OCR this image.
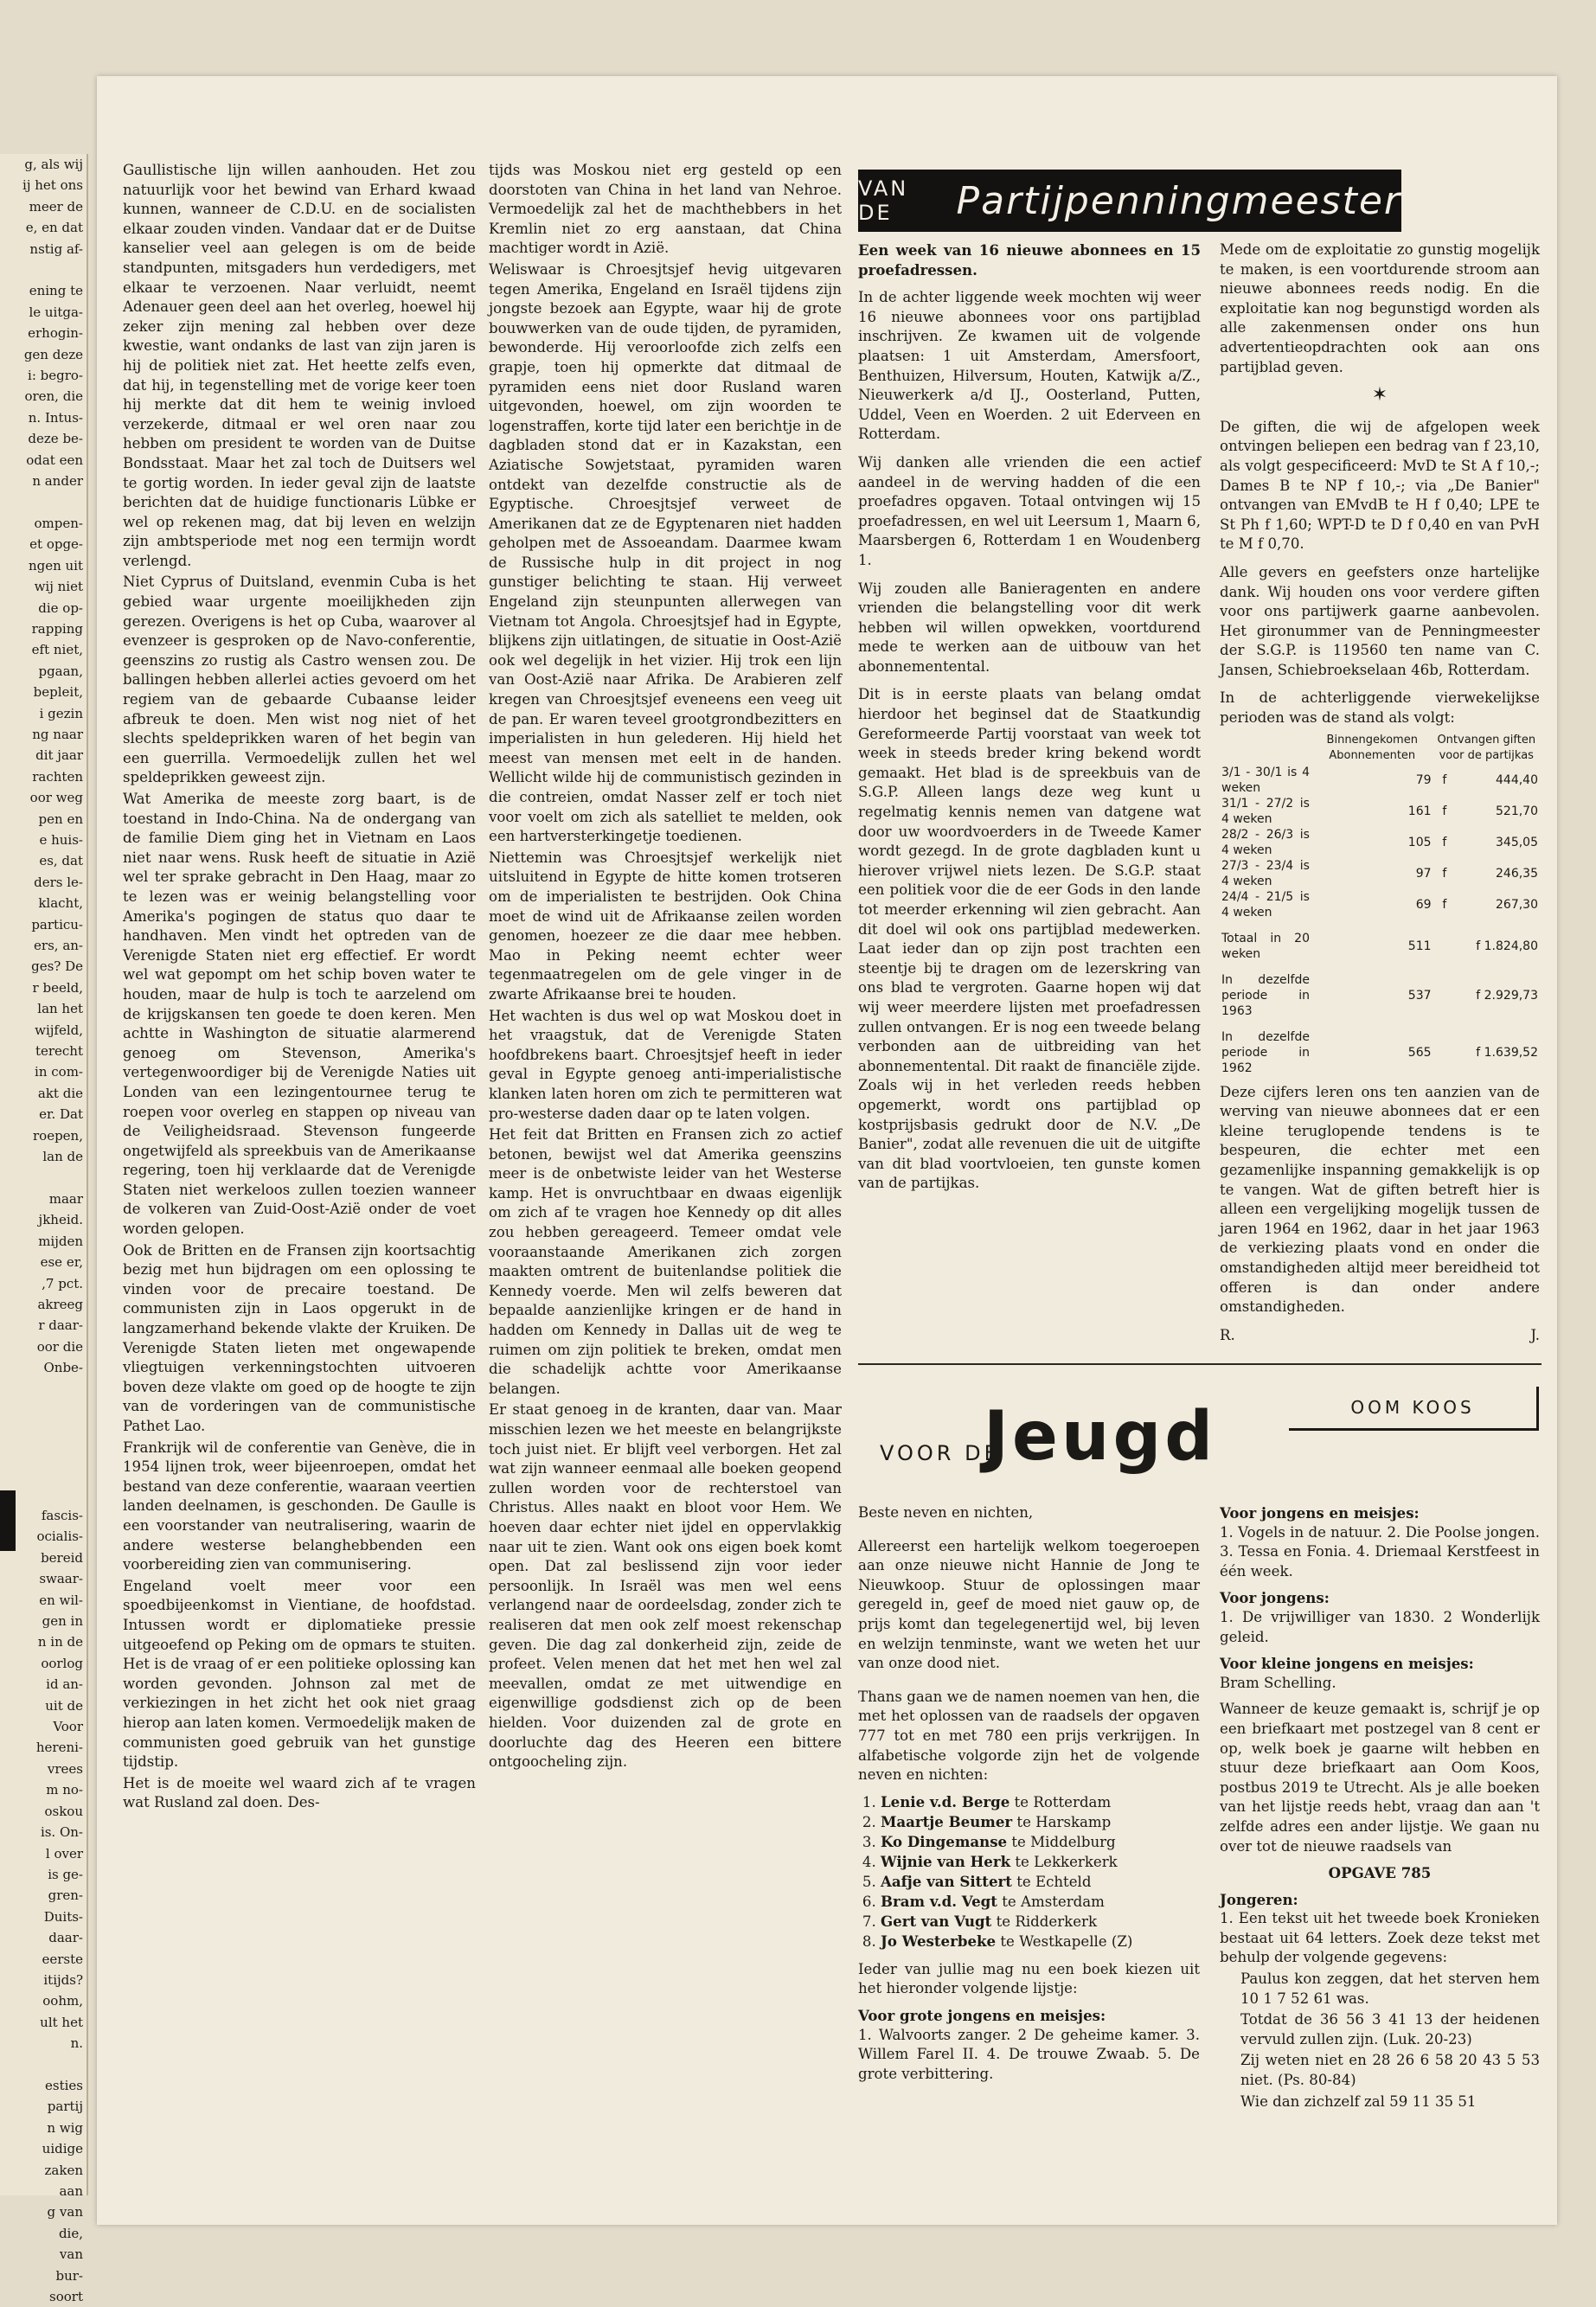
g, als wij

ij het ons

meer de

e, en dat

nstig af-

ening te

le uitga-

erhogin-

gen deze

i: begro-

oren, die

n. Intus-

deze be-

odat een

n ander

ompen-

et opge-

ngen uit

wij niet

die op-

rapping

eft niet,

pgaan,

bepleit,

i gezin

ng naar

dit jaar

rachten

oor weg

pen en

e huis-

es, dat

ders le-

klacht,

particu-

ers, an-

ges? De

r beeld,

lan het

wijfeld,

terecht

in com-

akt die

er. Dat

roepen,

lan de

maar

jkheid.

mijden

ese er,

,7 pct.

akreeg

r daar-

oor die

Onbe-

fascis-

ocialis-

bereid

swaar-

en wil-

gen in

n in de

oorlog

id an-

uit de

Voor

hereni-

vrees

m no-

oskou

is. On-

l over

is ge-

gren-

Duits-

daar-

eerste

itijds?

oohm,

ult het

n.

esties

partij

n wig

uidige

zaken

aan

g van

die,

van

bur-

soort

Gaullistische lijn willen aanhouden. Het zou natuurlijk voor het bewind van Erhard kwaad kunnen, wanneer de C.D.U. en de socialisten elkaar zouden vinden. Vandaar dat er de Duitse kanselier veel aan gelegen is om de beide standpunten, mitsgaders hun verdedigers, met elkaar te verzoenen. Naar verluidt, neemt Adenauer geen deel aan het overleg, hoewel hij zeker zijn mening zal hebben over deze kwestie, want ondanks de last van zijn jaren is hij de politiek niet zat. Het heette zelfs even, dat hij, in tegenstelling met de vorige keer toen hij merkte dat dit hem te weinig invloed verzekerde, ditmaal er wel oren naar zou hebben om president te worden van de Duitse Bondsstaat. Maar het zal toch de Duitsers wel te gortig worden. In ieder geval zijn de laatste berichten dat de huidige functionaris Lübke er wel op rekenen mag, dat bij leven en welzijn zijn ambtsperiode met nog een termijn wordt verlengd.

Niet Cyprus of Duitsland, evenmin Cuba is het gebied waar urgente moeilijkheden zijn gerezen. Overigens is het op Cuba, waarover al evenzeer is gesproken op de Navo-conferentie, geenszins zo rustig als Castro wensen zou. De ballingen hebben allerlei acties gevoerd om het regiem van de gebaarde Cubaanse leider afbreuk te doen. Men wist nog niet of het slechts speldeprikken waren of het begin van een guerrilla. Vermoedelijk zullen het wel speldeprikken geweest zijn.

Wat Amerika de meeste zorg baart, is de toestand in Indo-China. Na de ondergang van de familie Diem ging het in Vietnam en Laos niet naar wens. Rusk heeft de situatie in Azië wel ter sprake gebracht in Den Haag, maar zo te lezen was er weinig belangstelling voor Amerika's pogingen de status quo daar te handhaven. Men vindt het optreden van de Verenigde Staten niet erg effectief. Er wordt wel wat gepompt om het schip boven water te houden, maar de hulp is toch te aarzelend om de krijgskansen ten goede te doen keren. Men achtte in Washington de situatie alarmerend genoeg om Stevenson, Amerika's vertegenwoordiger bij de Verenigde Naties uit Londen van een lezingentournee terug te roepen voor overleg en stappen op niveau van de Veiligheidsraad. Stevenson fungeerde ongetwijfeld als spreekbuis van de Amerikaanse regering, toen hij verklaarde dat de Verenigde Staten niet werkeloos zullen toezien wanneer de volkeren van Zuid-Oost-Azië onder de voet worden gelopen.

Ook de Britten en de Fransen zijn koortsachtig bezig met hun bijdragen om een oplossing te vinden voor de precaire toestand. De communisten zijn in Laos opgerukt in de langzamerhand bekende vlakte der Kruiken. De Verenigde Staten lieten met ongewapende vliegtuigen verkenningstochten uitvoeren boven deze vlakte om goed op de hoogte te zijn van de vorderingen van de communistische Pathet Lao.

Frankrijk wil de conferentie van Genève, die in 1954 lijnen trok, weer bijeenroepen, omdat het bestand van deze conferentie, waaraan veertien landen deelnamen, is geschonden. De Gaulle is een voorstander van neutralisering, waarin de andere westerse belanghebbenden een voorbereiding zien van communisering.

Engeland voelt meer voor een spoedbijeenkomst in Vientiane, de hoofdstad. Intussen wordt er diplomatieke pressie uitgeoefend op Peking om de opmars te stuiten. Het is de vraag of er een politieke oplossing kan worden gevonden. Johnson zal met de verkiezingen in het zicht het ook niet graag hierop aan laten komen. Vermoedelijk maken de communisten goed gebruik van het gunstige tijdstip.

Het is de moeite wel waard zich af te vragen wat Rusland zal doen. Des-

tijds was Moskou niet erg gesteld op een doorstoten van China in het land van Nehroe. Vermoedelijk zal het de machthebbers in het Kremlin niet zo erg aanstaan, dat China machtiger wordt in Azië.

Weliswaar is Chroesjtsjef hevig uitgevaren tegen Amerika, Engeland en Israël tijdens zijn jongste bezoek aan Egypte, waar hij de grote bouwwerken van de oude tijden, de pyramiden, bewonderde. Hij veroorloofde zich zelfs een grapje, toen hij opmerkte dat ditmaal de pyramiden eens niet door Rusland waren uitgevonden, hoewel, om zijn woorden te logenstraffen, korte tijd later een berichtje in de dagbladen stond dat er in Kazakstan, een Aziatische Sowjetstaat, pyramiden waren ontdekt van dezelfde constructie als de Egyptische. Chroesjtsjef verweet de Amerikanen dat ze de Egyptenaren niet hadden geholpen met de Assoeandam. Daarmee kwam de Russische hulp in dit project in nog gunstiger belichting te staan. Hij verweet Engeland zijn steunpunten allerwegen van Vietnam tot Angola. Chroesjtsjef had in Egypte, blijkens zijn uitlatingen, de situatie in Oost-Azië ook wel degelijk in het vizier. Hij trok een lijn van Oost-Azië naar Afrika. De Arabieren zelf kregen van Chroesjtsjef eveneens een veeg uit de pan. Er waren teveel grootgrondbezitters en imperialisten in hun gelederen. Hij hield het meest van mensen met eelt in de handen. Wellicht wilde hij de communistisch gezinden in die contreien, omdat Nasser zelf er toch niet voor voelt om zich als satelliet te melden, ook een hartversterkingetje toedienen.

Niettemin was Chroesjtsjef werkelijk niet uitsluitend in Egypte de hitte komen trotseren om de imperialisten te bestrijden. Ook China moet de wind uit de Afrikaanse zeilen worden genomen, hoezeer ze die daar mee hebben. Mao in Peking neemt echter weer tegenmaatregelen om de gele vinger in de zwarte Afrikaanse brei te houden.

Het wachten is dus wel op wat Moskou doet in het vraagstuk, dat de Verenigde Staten hoofdbrekens baart. Chroesjtsjef heeft in ieder geval in Egypte genoeg anti-imperialistische klanken laten horen om zich te permitteren wat pro-westerse daden daar op te laten volgen.

Het feit dat Britten en Fransen zich zo actief betonen, bewijst wel dat Amerika geenszins meer is de onbetwiste leider van het Westerse kamp. Het is onvruchtbaar en dwaas eigenlijk om zich af te vragen hoe Kennedy op dit alles zou hebben gereageerd. Temeer omdat vele vooraanstaande Amerikanen zich zorgen maakten omtrent de buitenlandse politiek die Kennedy voerde. Men wil zelfs beweren dat bepaalde aanzienlijke kringen er de hand in hadden om Kennedy in Dallas uit de weg te ruimen om zijn politiek te breken, omdat men die schadelijk achtte voor Amerikaanse belangen.

Er staat genoeg in de kranten, daar van. Maar misschien lezen we het meeste en belangrijkste toch juist niet. Er blijft veel verborgen. Het zal wat zijn wanneer eenmaal alle boeken geopend zullen worden voor de rechterstoel van Christus. Alles naakt en bloot voor Hem. We hoeven daar echter niet ijdel en oppervlakkig naar uit te zien. Want ook ons eigen boek komt open. Dat zal beslissend zijn voor ieder persoonlijk. In Israël was men wel eens verlangend naar de oordeelsdag, zonder zich te realiseren dat men ook zelf moest rekenschap geven. Die dag zal donkerheid zijn, zeide de profeet. Velen menen dat het met hen wel zal meevallen, omdat ze met uitwendige en eigenwillige godsdienst zich op de been hielden. Voor duizenden zal de grote en doorluchte dag des Heeren een bittere ontgoocheling zijn.

VAN DE	Partijpenningmeester

Een week van 16 nieuwe abonnees en 15 proefadressen.

In de achter liggende week mochten wij weer 16 nieuwe abonnees voor ons partijblad inschrijven. Ze kwamen uit de volgende plaatsen: 1 uit Amsterdam, Amersfoort, Benthuizen, Hilversum, Houten, Katwijk a/Z., Nieuwerkerk a/d IJ., Oosterland, Putten, Uddel, Veen en Woerden. 2 uit Ederveen en Rotterdam.

Wij danken alle vrienden die een actief aandeel in de werving hadden of die een proefadres opgaven. Totaal ontvingen wij 15 proefadressen, en wel uit Leersum 1, Maarn 6, Maarsbergen 6, Rotterdam 1 en Woudenberg 1.

Wij zouden alle Banieragenten en andere vrienden die belangstelling voor dit werk hebben wil willen opwekken, voortdurend mede te werken aan de uitbouw van het abonnementental.

Dit is in eerste plaats van belang omdat hierdoor het beginsel dat de Staatkundig Gereformeerde Partij voorstaat van week tot week in steeds breder kring bekend wordt gemaakt. Het blad is de spreekbuis van de S.G.P. Alleen langs deze weg kunt u regelmatig kennis nemen van datgene wat door uw woordvoerders in de Tweede Kamer wordt gezegd. In de grote dagbladen kunt u hierover vrijwel niets lezen. De S.G.P. staat een politiek voor die de eer Gods in den lande tot meerder erkenning wil zien gebracht. Aan dit doel wil ook ons partijblad medewerken. Laat ieder dan op zijn post trachten een steentje bij te dragen om de lezerskring van ons blad te vergroten. Gaarne hopen wij dat wij weer meerdere lijsten met proefadressen zullen ontvangen. Er is nog een tweede belang verbonden aan de uitbreiding van het abonnementental. Dit raakt de financiële zijde. Zoals wij in het verleden reeds hebben opgemerkt, wordt ons partijblad op kostprijsbasis gedrukt door de N.V. „De Banier", zodat alle revenuen die uit de uitgifte van dit blad voortvloeien, ten gunste komen van de partijkas.

Mede om de exploitatie zo gunstig mogelijk te maken, is een voortdurende stroom aan nieuwe abonnees reeds nodig. En die exploitatie kan nog begunstigd worden als alle zakenmensen onder ons hun advertentieopdrachten ook aan ons partijblad geven.

✶

De giften, die wij de afgelopen week ontvingen beliepen een bedrag van f 23,10, als volgt gespecificeerd: MvD te St A f 10,-; Dames B te NP f 10,-; via „De Banier" ontvangen van EMvdB te H f 0,40; LPE te St Ph f 1,60; WPT-D te D f 0,40 en van PvH te M f 0,70.

Alle gevers en geefsters onze hartelijke dank. Wij houden ons voor verdere giften voor ons partijwerk gaarne aanbevolen. Het gironummer van de Penningmeester der S.G.P. is 119560 ten name van C. Jansen, Schiebroekselaan 46b, Rotterdam.

In de achterliggende vierwekelijkse perioden was de stand als volgt:

	Binnengekomen Abonnementen	Ontvangen giften voor de partijkas	
3/1 - 30/1 is 4 weken	79	f	444,40
31/1 - 27/2 is 4 weken	161	f	521,70
28/2 - 26/3 is 4 weken	105	f	345,05
27/3 - 23/4 is 4 weken	97	f	246,35
24/4 - 21/5 is 4 weken	69	f	267,30
Totaal in 20 weken	511	f 1.824,80	
In dezelfde periode in 1963	537	f 2.929,73	
In dezelfde periode in 1962	565	f 1.639,52	

Deze cijfers leren ons ten aanzien van de werving van nieuwe abonnees dat er een kleine teruglopende tendens is te bespeuren, die echter met een gezamenlijke inspanning gemakkelijk is op te vangen. Wat de giften betreft hier is alleen een vergelijking mogelijk tussen de jaren 1964 en 1962, daar in het jaar 1963 de verkiezing plaats vond en onder die omstandigheden altijd meer bereidheid tot offeren is dan onder andere omstandigheden.

R.	J.
VOOR DE
Jeugd	OOM KOOS

Beste neven en nichten,

Allereerst een hartelijk welkom toegeroepen aan onze nieuwe nicht Hannie de Jong te Nieuwkoop. Stuur de oplossingen maar geregeld in, geef de moed niet gauw op, de prijs komt dan tegelegenertijd wel, bij leven en welzijn tenminste, want we weten het uur van onze dood niet.

Thans gaan we de namen noemen van hen, die met het oplossen van de raadsels der opgaven 777 tot en met 780 een prijs verkrijgen. In alfabetische volgorde zijn het de volgende neven en nichten:

1. Lenie v.d. Berge te Rotterdam
2. Maartje Beumer te Harskamp
3. Ko Dingemanse te Middelburg
4. Wijnie van Herk te Lekkerkerk
5. Aafje van Sittert te Echteld
6. Bram v.d. Vegt te Amsterdam
7. Gert van Vugt te Ridderkerk
8. Jo Westerbeke te Westkapelle (Z)

Ieder van jullie mag nu een boek kiezen uit het hieronder volgende lijstje:

Voor grote jongens en meisjes:

1. Walvoorts zanger. 2 De geheime kamer. 3. Willem Farel II. 4. De trouwe Zwaab. 5. De grote verbittering.

Voor jongens en meisjes:

1. Vogels in de natuur. 2. Die Poolse jongen. 3. Tessa en Fonia. 4. Driemaal Kerstfeest in één week.

Voor jongens:

1. De vrijwilliger van 1830. 2 Wonderlijk geleid.

Voor kleine jongens en meisjes:

Bram Schelling.

Wanneer de keuze gemaakt is, schrijf je op een briefkaart met postzegel van 8 cent er op, welk boek je gaarne wilt hebben en stuur deze briefkaart aan Oom Koos, postbus 2019 te Utrecht. Als je alle boeken van het lijstje reeds hebt, vraag dan aan 't zelfde adres een ander lijstje. We gaan nu over tot de nieuwe raadsels van

OPGAVE 785

Jongeren:

1. Een tekst uit het tweede boek Kronieken bestaat uit 64 letters. Zoek deze tekst met behulp der volgende gegevens:

Paulus kon zeggen, dat het sterven hem 10 1 7 52 61 was.

Totdat de 36 56 3 41 13 der heidenen vervuld zullen zijn. (Luk. 20-23)

Zij weten niet en 28 26 6 58 20 43 5 53 niet. (Ps. 80-84)

Wie dan zichzelf zal 59 11 35 51
